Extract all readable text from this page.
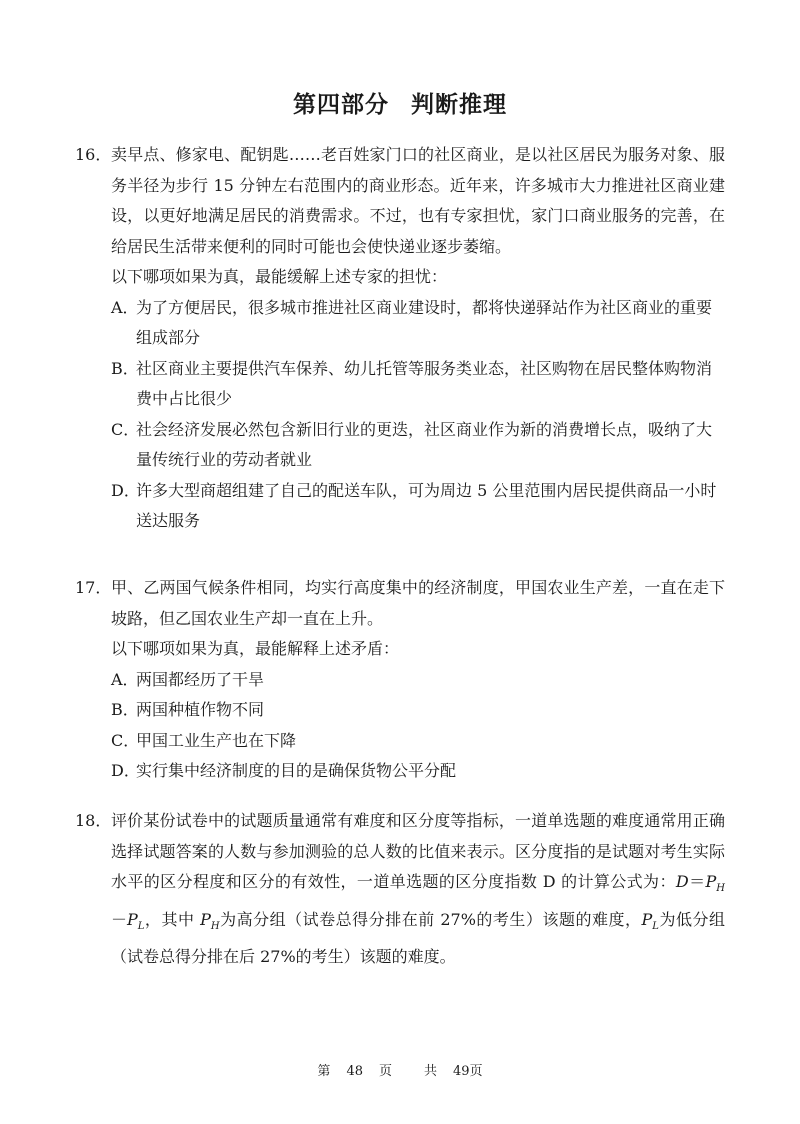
第四部分 判断推理
16． 卖早点、修家电、配钥匙……老百姓家门口的社区商业，是以社区居民为服务对象、服务半径为步行 15 分钟左右范围内的商业形态。近年来，许多城市大力推进社区商业建设，以更好地满足居民的消费需求。不过，也有专家担忧，家门口商业服务的完善，在给居民生活带来便利的同时可能也会使快递业逐步萎缩。
以下哪项如果为真，最能缓解上述专家的担忧：
A．
为了方便居民，很多城市推进社区商业建设时，都将快递驿站作为社区商业的重要组成部分
B．
社区商业主要提供汽车保养、幼儿托管等服务类业态，社区购物在居民整体购物消费中占比很少
C．
社会经济发展必然包含新旧行业的更迭，社区商业作为新的消费增长点，吸纳了大量传统行业的劳动者就业
D．
许多大型商超组建了自己的配送车队，可为周边 5 公里范围内居民提供商品一小时送达服务
17． 甲、乙两国气候条件相同，均实行高度集中的经济制度，甲国农业生产差，一直在走下坡路，但乙国农业生产却一直在上升。
以下哪项如果为真，最能解释上述矛盾：
A．
两国都经历了干旱
B．
两国种植作物不同
C．
甲国工业生产也在下降
D．
实行集中经济制度的目的是确保货物公平分配
18． 评价某份试卷中的试题质量通常有难度和区分度等指标，一道单选题的难度通常用正确选择试题答案的人数与参加测验的总人数的比值来表示。区分度指的是试题对考生实际水平的区分程度和区分的有效性，一道单选题的区分度指数 D 的计算公式为：$D=P_H-P_L$，其中 $P_H$为高分组（试卷总得分排在前 27%的考生）该题的难度，$P_L$为低分组（试卷总得分排在后 27%的考生）该题的难度。
第 48 页 共 49页
